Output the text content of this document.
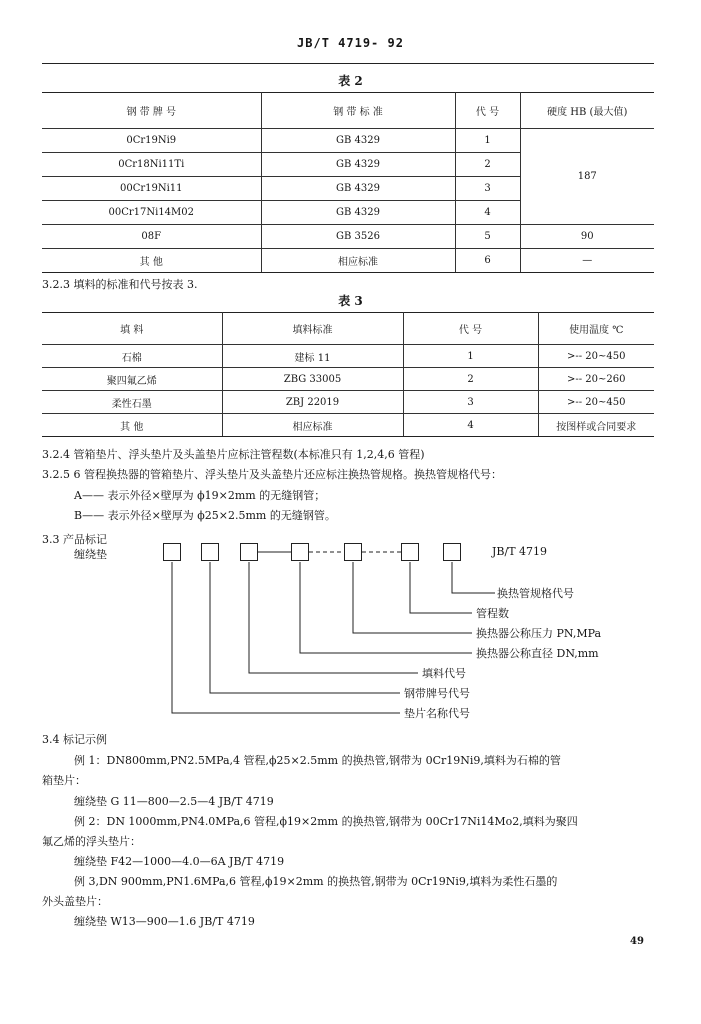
JB/T 4719- 92
表 2
钢 带 牌 号	钢 带 标 准	代 号	硬度 HB (最大值)
0Cr19Ni9	GB 4329	1	187
0Cr18Ni11Ti	GB 4329	2	
00Cr19Ni11	GB 4329	3	
00Cr17Ni14M02	GB 4329	4	
08F	GB 3526	5	90
其 他	相应标准	6	—
3.2.3 填料的标准和代号按表 3.
表 3
填 料	填料标准	代 号	使用温度 ℃
石棉	建标 11	1	>-- 20~450
聚四氟乙烯	ZBG 33005	2	>-- 20~260
柔性石墨	ZBJ 22019	3	>-- 20~450
其 他	相应标准	4	按图样或合同要求
3.2.4 管箱垫片、浮头垫片及头盖垫片应标注管程数(本标准只有 1,2,4,6 管程)
3.2.5 6 管程换热器的管箱垫片、浮头垫片及头盖垫片还应标注换热管规格。换热管规格代号：
A—— 表示外径×壁厚为 ϕ19×2mm 的无缝钢管；
B—— 表示外径×壁厚为 ϕ25×2.5mm 的无缝钢管。
3.3 产品标记
缠绕垫	JB/T 4719
换热管规格代号
管程数
换热器公称压力 PN,MPa
换热器公称直径 DN,mm
填料代号
钢带牌号代号
垫片名称代号
3.4 标记示例
例 1：DN800mm,PN2.5MPa,4 管程,ϕ25×2.5mm 的换热管,钢带为 0Cr19Ni9,填料为石棉的管
箱垫片：
缠绕垫 G 11—800—2.5—4 JB/T 4719
例 2：DN 1000mm,PN4.0MPa,6 管程,ϕ19×2mm 的换热管,钢带为 00Cr17Ni14Mo2,填料为聚四
氟乙烯的浮头垫片：
缠绕垫 F42—1000—4.0—6A JB/T 4719
例 3,DN 900mm,PN1.6MPa,6 管程,ϕ19×2mm 的换热管,钢带为 0Cr19Ni9,填料为柔性石墨的
外头盖垫片：
缠绕垫 W13—900—1.6 JB/T 4719
49
